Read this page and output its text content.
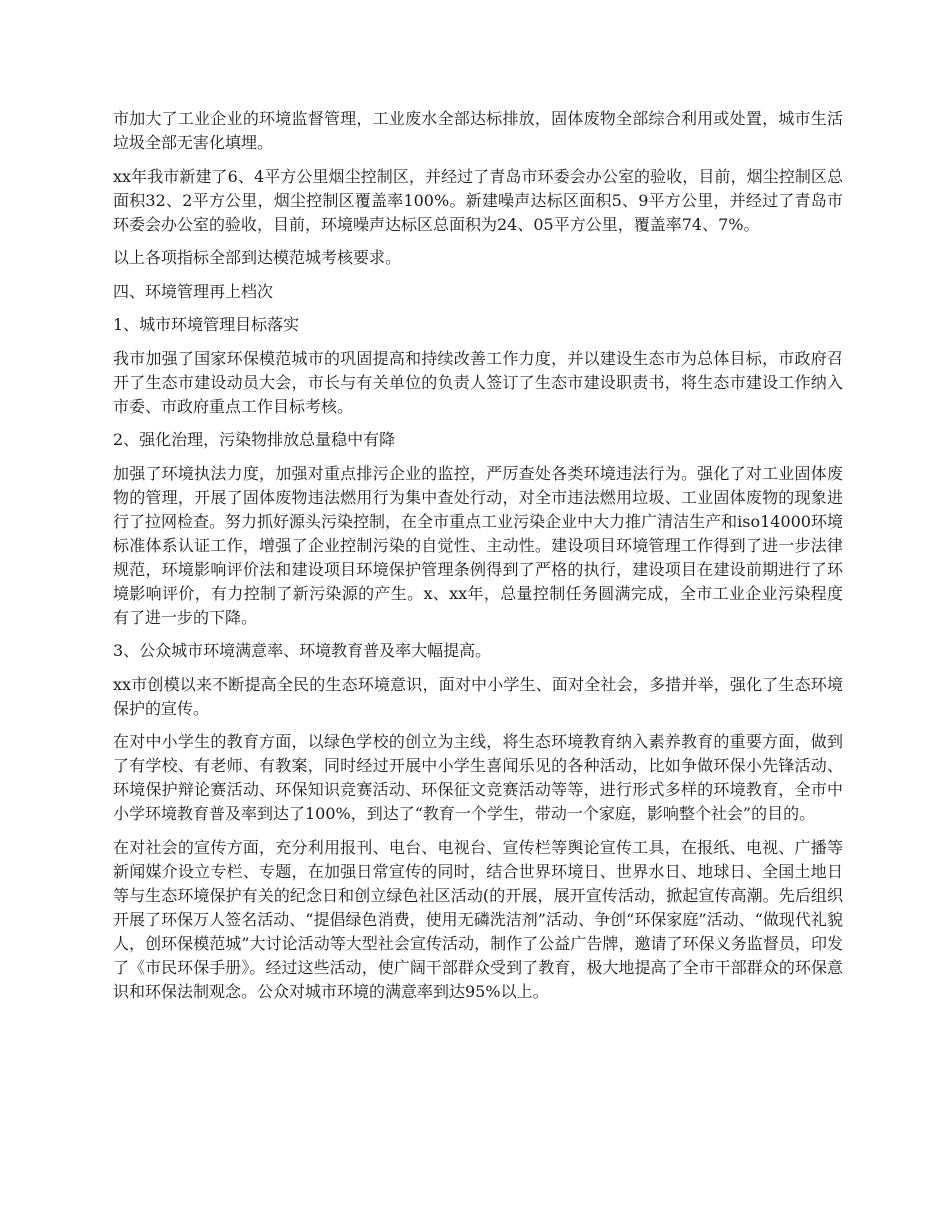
市加大了工业企业的环境监督管理，工业废水全部达标排放，固体废物全部综合利用或处置，城市生活垃圾全部无害化填埋。

xx年我市新建了6、4平方公里烟尘控制区，并经过了青岛市环委会办公室的验收，目前，烟尘控制区总面积32、2平方公里，烟尘控制区覆盖率100%。新建噪声达标区面积5、9平方公里，并经过了青岛市环委会办公室的验收，目前，环境噪声达标区总面积为24、05平方公里，覆盖率74、7%。

以上各项指标全部到达模范城考核要求。

四、环境管理再上档次

1、城市环境管理目标落实

我市加强了国家环保模范城市的巩固提高和持续改善工作力度，并以建设生态市为总体目标，市政府召开了生态市建设动员大会，市长与有关单位的负责人签订了生态市建设职责书，将生态市建设工作纳入市委、市政府重点工作目标考核。

2、强化治理，污染物排放总量稳中有降

加强了环境执法力度，加强对重点排污企业的监控，严厉查处各类环境违法行为。强化了对工业固体废物的管理，开展了固体废物违法燃用行为集中查处行动，对全市违法燃用垃圾、工业固体废物的现象进行了拉网检查。努力抓好源头污染控制，在全市重点工业污染企业中大力推广清洁生产和iso14000环境标准体系认证工作，增强了企业控制污染的自觉性、主动性。建设项目环境管理工作得到了进一步法律规范，环境影响评价法和建设项目环境保护管理条例得到了严格的执行，建设项目在建设前期进行了环境影响评价，有力控制了新污染源的产生。x、xx年，总量控制任务圆满完成，全市工业企业污染程度有了进一步的下降。

3、公众城市环境满意率、环境教育普及率大幅提高。

xx市创模以来不断提高全民的生态环境意识，面对中小学生、面对全社会，多措并举，强化了生态环境保护的宣传。

在对中小学生的教育方面，以绿色学校的创立为主线，将生态环境教育纳入素养教育的重要方面，做到了有学校、有老师、有教案，同时经过开展中小学生喜闻乐见的各种活动，比如争做环保小先锋活动、环境保护辩论赛活动、环保知识竞赛活动、环保征文竞赛活动等等，进行形式多样的环境教育，全市中小学环境教育普及率到达了100%，到达了“教育一个学生，带动一个家庭，影响整个社会”的目的。

在对社会的宣传方面，充分利用报刊、电台、电视台、宣传栏等舆论宣传工具，在报纸、电视、广播等新闻媒介设立专栏、专题，在加强日常宣传的同时，结合世界环境日、世界水日、地球日、全国土地日等与生态环境保护有关的纪念日和创立绿色社区活动(的开展，展开宣传活动，掀起宣传高潮。先后组织开展了环保万人签名活动、“提倡绿色消费，使用无磷洗洁剂”活动、争创“环保家庭”活动、“做现代礼貌人，创环保模范城”大讨论活动等大型社会宣传活动，制作了公益广告牌，邀请了环保义务监督员，印发了《市民环保手册》。经过这些活动，使广阔干部群众受到了教育，极大地提高了全市干部群众的环保意识和环保法制观念。公众对城市环境的满意率到达95%以上。
